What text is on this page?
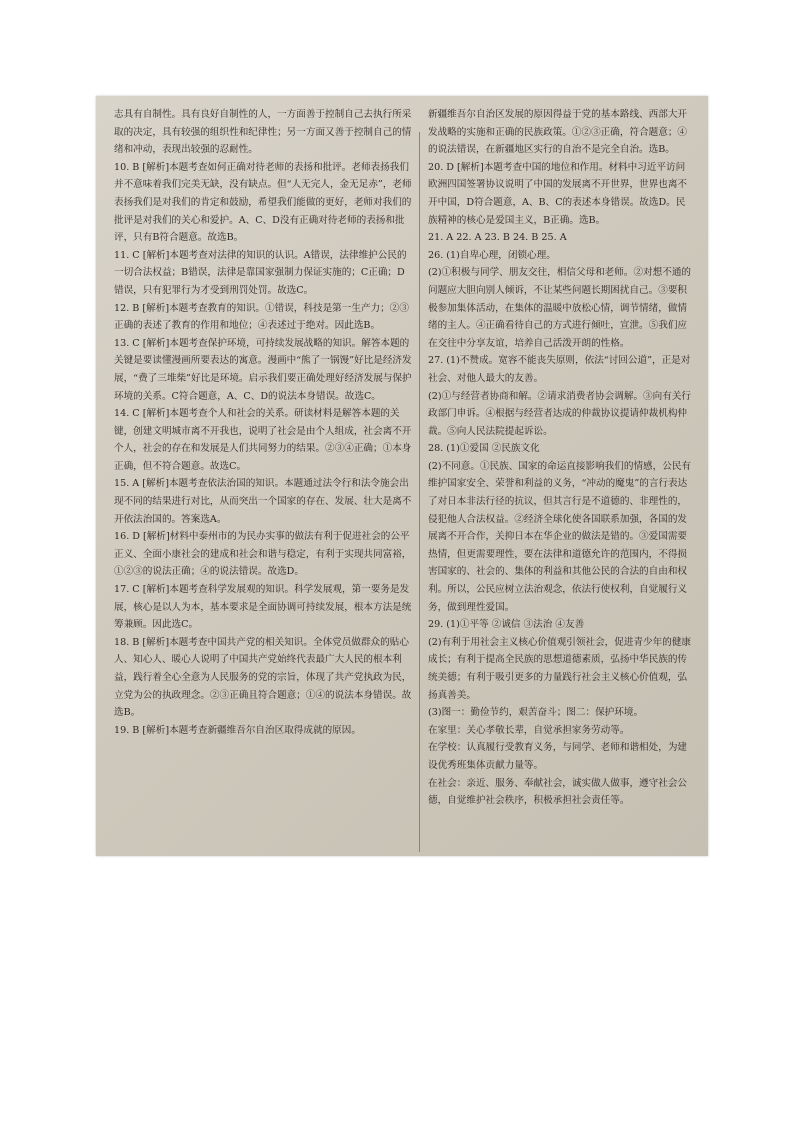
志具有自制性。具有良好自制性的人，一方面善于控制自己去执行所采取的决定，具有较强的组织性和纪律性；另一方面又善于控制自己的情绪和冲动，表现出较强的忍耐性。

10. B [解析]本题考查如何正确对待老师的表扬和批评。老师表扬我们并不意味着我们完美无缺，没有缺点。但“人无完人，金无足赤”，老师表扬我们是对我们的肯定和鼓励，希望我们能做的更好，老师对我们的批评是对我们的关心和爱护。A、C、D没有正确对待老师的表扬和批评，只有B符合题意。故选B。

11. C [解析]本题考查对法律的知识的认识。A错误，法律维护公民的一切合法权益；B错误，法律是靠国家强制力保证实施的；C正确；D错误，只有犯罪行为才受到刑罚处罚。故选C。

12. B [解析]本题考查教育的知识。①错误，科技是第一生产力；②③正确的表述了教育的作用和地位；④表述过于绝对。因此选B。

13. C [解析]本题考查保护环境，可持续发展战略的知识。解答本题的关键是要读懂漫画所要表达的寓意。漫画中“熊了一锅馒”好比是经济发展，“费了三堆柴”好比是环境。启示我们要正确处理好经济发展与保护环境的关系。C符合题意，A、C、D的说法本身错误。故选C。

14. C [解析]本题考查个人和社会的关系。研读材料是解答本题的关键，创建文明城市离不开我也，说明了社会是由个人组成，社会离不开个人，社会的存在和发展是人们共同努力的结果。②③④正确；①本身正确，但不符合题意。故选C。

15. A [解析]本题考查依法治国的知识。本题通过法令行和法令施会出现不同的结果进行对比，从而突出一个国家的存在、发展、壮大是离不开依法治国的。答案选A。

16. D [解析]材料中泰州市的为民办实事的做法有利于促进社会的公平正义、全面小康社会的建成和社会和谐与稳定，有利于实现共同富裕，①②③的说法正确；④的说法错误。故选D。

17. C [解析]本题考查科学发展观的知识。科学发展观，第一要务是发展，核心是以人为本，基本要求是全面协调可持续发展，根本方法是统筹兼顾。因此选C。

18. B [解析]本题考查中国共产党的相关知识。全体党员做群众的贴心人、知心人、暖心人说明了中国共产党始终代表最广大人民的根本利益，践行着全心全意为人民服务的党的宗旨，体现了共产党执政为民，立党为公的执政理念。②③正确且符合题意；①④的说法本身错误。故选B。

19. B [解析]本题考查新疆维吾尔自治区取得成就的原因。

新疆维吾尔自治区发展的原因得益于党的基本路线、西部大开发战略的实施和正确的民族政策。①②③正确，符合题意；④的说法错误，在新疆地区实行的自治不是完全自治。选B。

20. D [解析]本题考查中国的地位和作用。材料中习近平访问欧洲四国签署协议说明了中国的发展离不开世界，世界也离不开中国，D符合题意，A、B、C的表述本身错误。故选D。民族精神的核心是爱国主义，B正确。选B。

21. A 22. A 23. B 24. B 25. A

26. (1)自卑心理，闭锁心理。

(2)①积极与同学、朋友交往，相信父母和老师。②对想不通的问题应大胆向别人倾诉，不让某些问题长期困扰自己。③要积极参加集体活动，在集体的温暖中放松心情，调节情绪，做情绪的主人。④正确看待自己的方式进行倾吐，宣泄。⑤我们应在交往中分享友谊，培养自己活泼开朗的性格。

27. (1)不赞成。宽容不能丧失原则，依法“讨回公道”，正是对社会、对他人最大的友善。

(2)①与经营者协商和解。②请求消费者协会调解。③向有关行政部门申诉。④根据与经营者达成的仲裁协议提请仲裁机构仲裁。⑤向人民法院提起诉讼。

28. (1)①爱国 ②民族文化

(2)不同意。①民族、国家的命运直接影响我们的情感，公民有维护国家安全、荣誉和利益的义务，“冲动的魔鬼”的言行表达了对日本非法行径的抗议，但其言行是不道德的、非理性的，侵犯他人合法权益。②经济全球化使各国联系加强，各国的发展离不开合作，关抑日本在华企业的做法是错的。③爱国需要热情，但更需要理性，要在法律和道德允许的范围内，不得损害国家的、社会的、集体的利益和其他公民的合法的自由和权利。所以，公民应树立法治观念，依法行使权利，自觉履行义务，做到理性爱国。

29. (1)①平等 ②诚信 ③法治 ④友善

(2)有利于用社会主义核心价值观引领社会，促进青少年的健康成长；有利于提高全民族的思想道德素质，弘扬中华民族的传统美德；有利于吸引更多的力量践行社会主义核心价值观，弘扬真善美。

(3)图一：勤俭节约，艰苦奋斗；图二：保护环境。

在家里：关心孝敬长辈，自觉承担家务劳动等。

在学校：认真履行受教育义务，与同学、老师和谐相处，为建设优秀班集体贡献力量等。

在社会：亲近、服务、奉献社会，诚实做人做事，遵守社会公德，自觉维护社会秩序，积极承担社会责任等。
